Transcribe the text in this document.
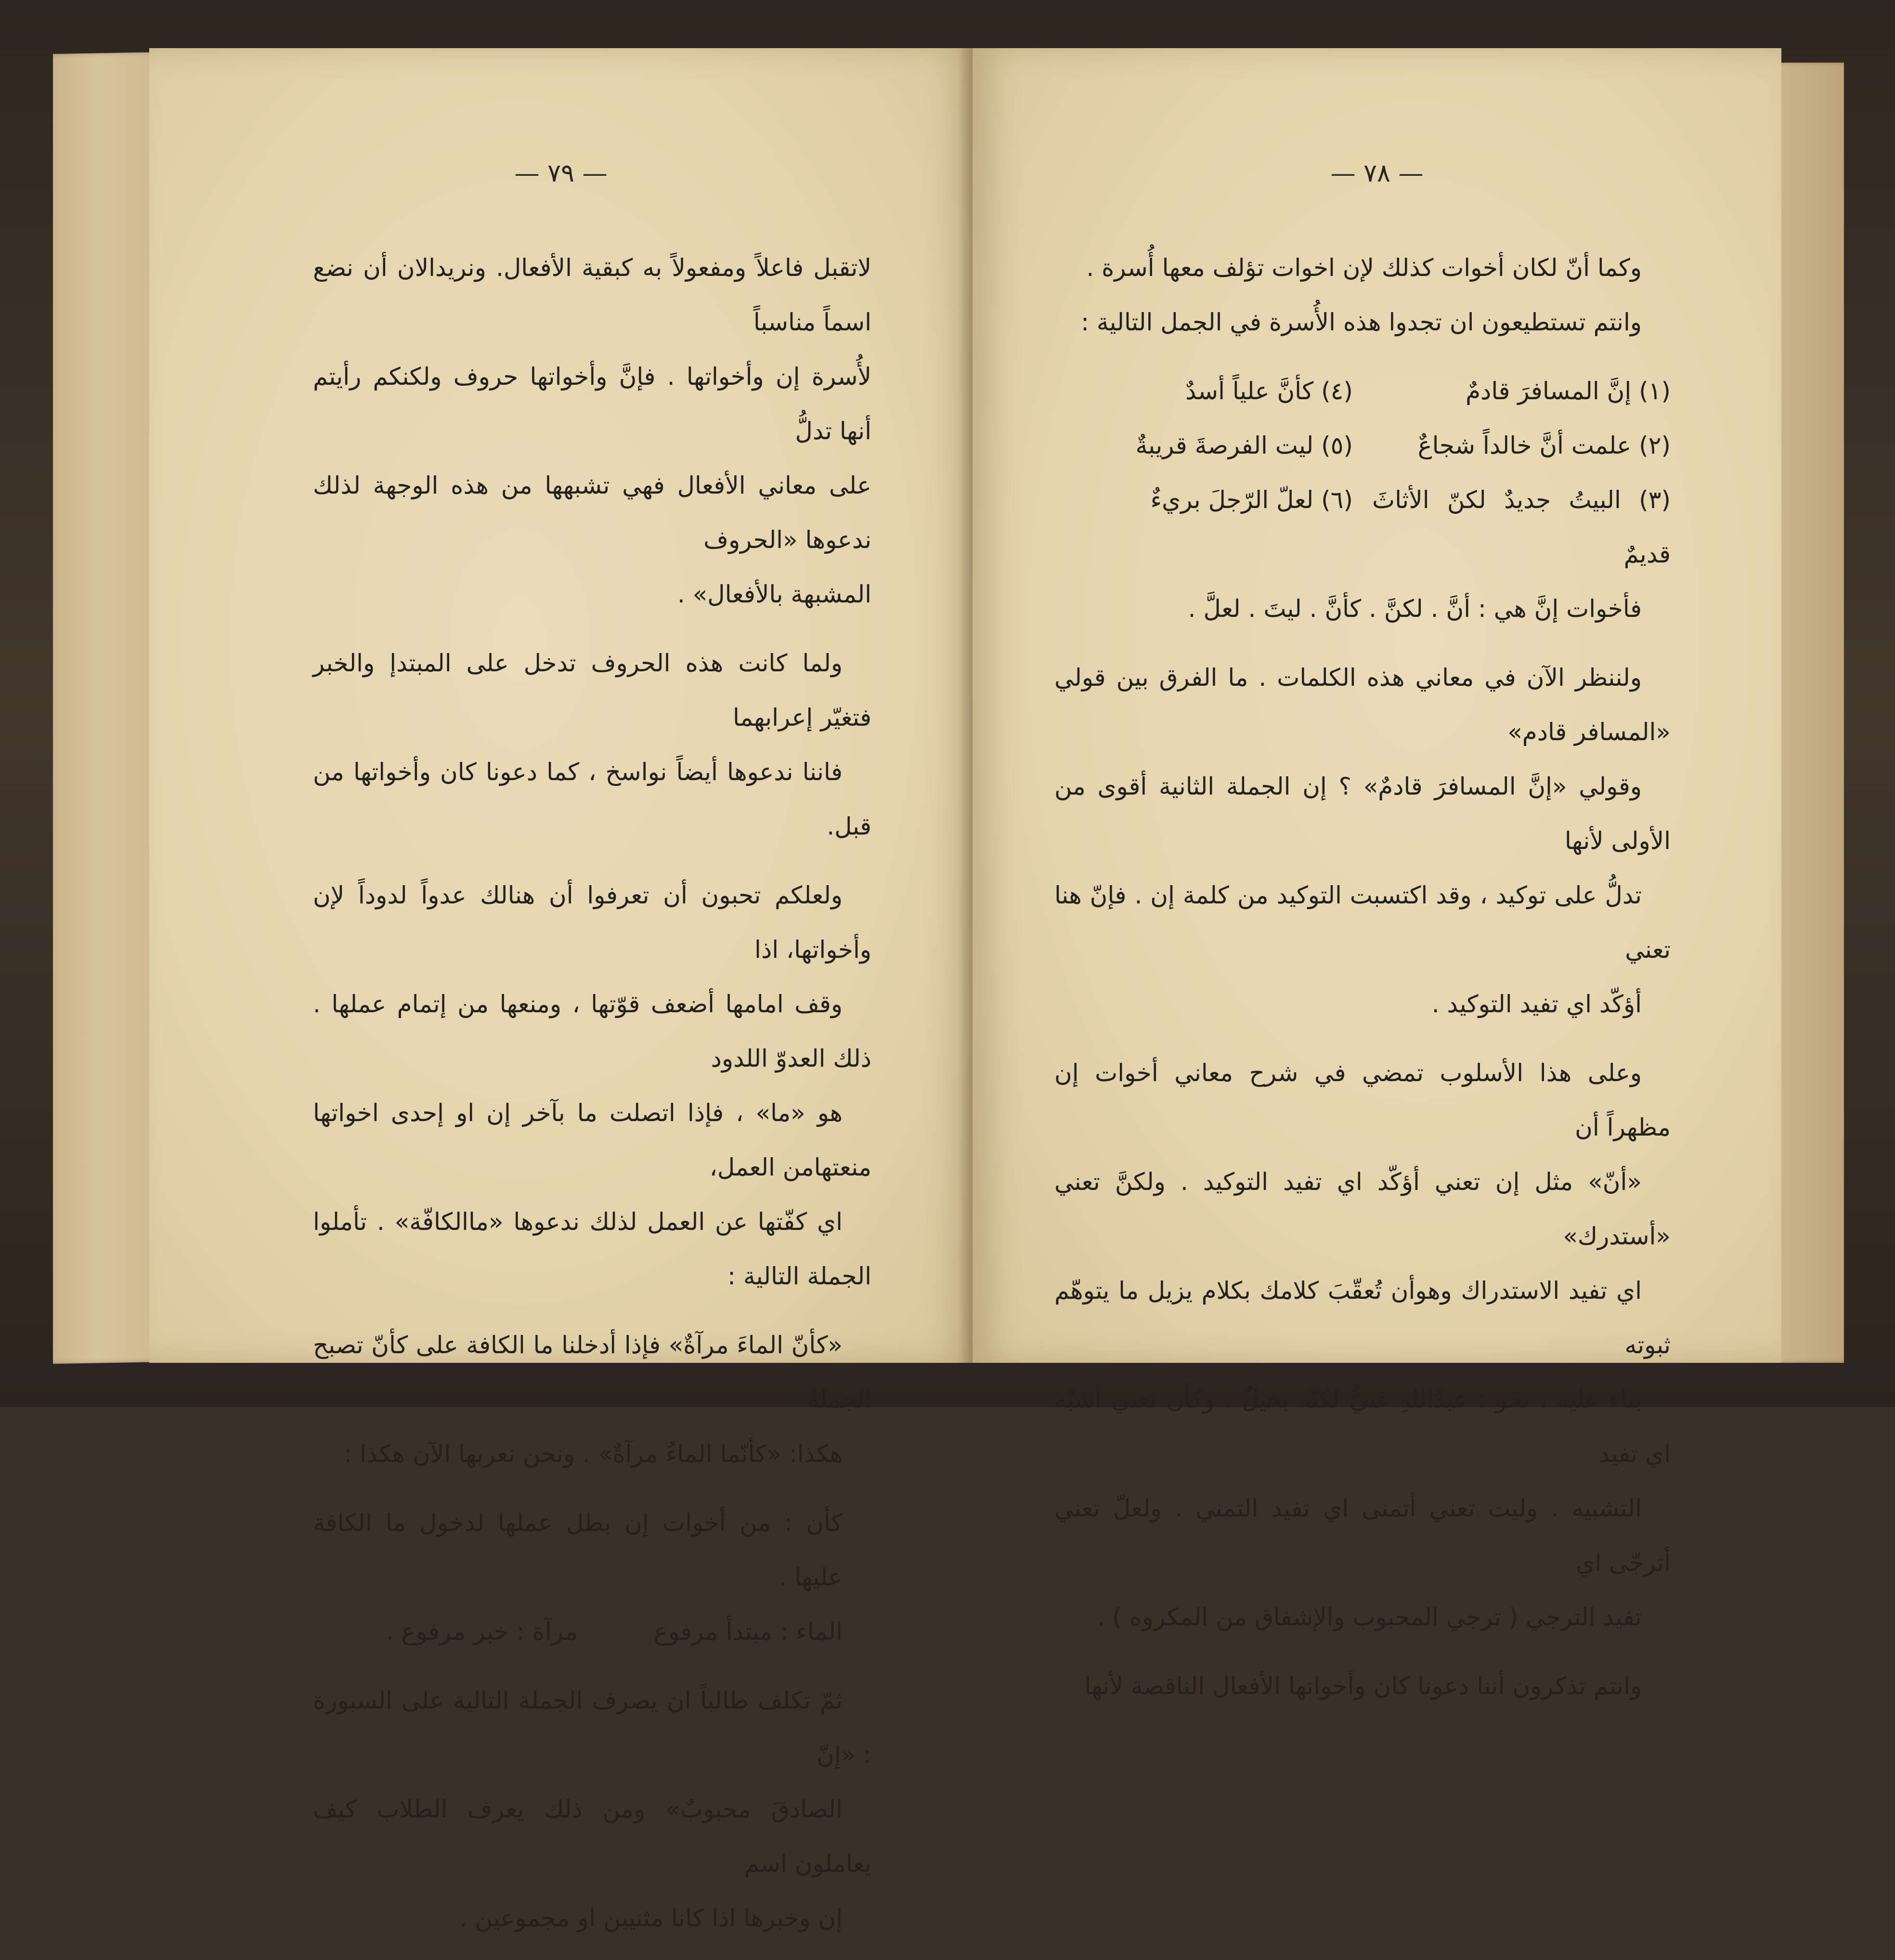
— ٧٩ —

لاتقبل فاعلاً ومفعولاً به كبقية الأفعال. ونريدالان أن نضع اسماً مناسباً
لأُسرة إن وأخواتها . فإنَّ وأخواتها حروف ولكنكم رأيتم أنها تدلُّ
على معاني الأفعال فهي تشبهها من هذه الوجهة لذلك ندعوها «الحروف
المشبهة بالأفعال» .

ولما كانت هذه الحروف تدخل على المبتدإ والخبر فتغيّر إعرابهما
فاننا ندعوها أيضاً نواسخ ، كما دعونا كان وأخواتها من قبل.

ولعلكم تحبون أن تعرفوا أن هنالك عدواً لدوداً لإن وأخواتها، اذا
وقف امامها أضعف قوّتها ، ومنعها من إتمام عملها . ذلك العدوّ اللدود
هو «ما» ، فإذا اتصلت ما بآخر إن او إحدى اخواتها منعتهامن العمل،
اي كفّتها عن العمل لذلك ندعوها «ماالكافّة» . تأملوا الجملة التالية :

«كأنّ الماءَ مرآةٌ» فإذا أدخلنا ما الكافة على كأنّ تصبح الجملةُ
هكذا: «كأنّما الماءُ مرآةٌ» . ونحن نعربها الآن هكذا :

كأن : من أخوات إن بطل عملها لدخول ما الكافة عليها .
الماء : مبتدأ مرفوع
مرآة : خبر مرفوع .

ثمّ تكلف طالباً ان يصرف الجملة التالية على السبورة : «إنّ
الصادقَ محبوبٌ» ومن ذلك يعرف الطلاب كيف يعاملون اسم
إن وخبرها اذا كانا مثنيين او مجموعين .

— ٧٨ —

وكما أنّ لكان أخوات كذلك لإن اخوات تؤلف معها أُسرة .
وانتم تستطيعون ان تجدوا هذه الأُسرة في الجمل التالية :

(١) إنَّ المسافرَ قادمٌ
(٤) كأنَّ علياً أسدٌ
(٢) علمت أنَّ خالداً شجاعٌ
(٥) ليت الفرصةَ قريبةٌ
(٣) البيتُ جديدٌ لكنّ الأثاثَ قديمٌ
(٦) لعلّ الرّجلَ بريءٌ

فأخوات إنَّ هي : أنَّ . لكنَّ . كأنَّ . ليتَ . لعلَّ .

ولننظر الآن في معاني هذه الكلمات . ما الفرق بين قولي «المسافر قادم»
وقولي «إنَّ المسافرَ قادمٌ» ؟ إن الجملة الثانية أقوى من الأولى لأنها
تدلُّ على توكيد ، وقد اكتسبت التوكيد من كلمة إن . فإنّ هنا تعني
أؤكّد اي تفيد التوكيد .

وعلى هذا الأسلوب تمضي في شرح معاني أخوات إن مظهراً أن
«أنّ» مثل إن تعني أؤكّد اي تفيد التوكيد . ولكنَّ تعني «أستدرك»
اي تفيد الاستدراك وهوأن تُعقّبَ كلامك بكلام يزيل ما يتوهّم ثبوته
بناء عليه ، نحو : عبدُاللهِ غنيٌّ لكنّه بخيلٌ . وكأن تعني أشبّه اي تفيد
التشبيه . وليت تعني أتمنى اي تفيد التمني . ولعلّ تعني أترجّى اي
تفيد الترجي ( ترجي المحبوب والإشفاق من المكروه ) .

وانتم تذكرون أننا دعونا كان وأخواتها الأفعال الناقصة لأنها
